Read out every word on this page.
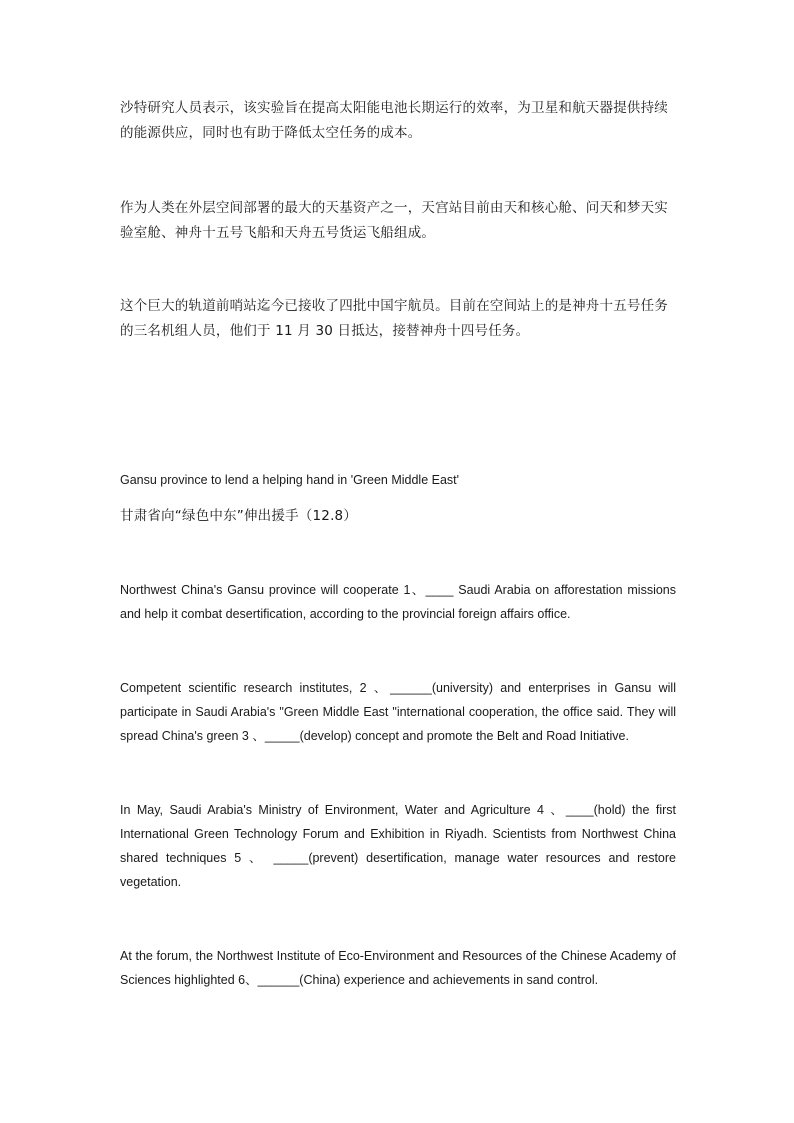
沙特研究人员表示，该实验旨在提高太阳能电池长期运行的效率，为卫星和航天器提供持续的能源供应，同时也有助于降低太空任务的成本。

作为人类在外层空间部署的最大的天基资产之一，天宫站目前由天和核心舱、问天和梦天实验室舱、神舟十五号飞船和天舟五号货运飞船组成。

这个巨大的轨道前哨站迄今已接收了四批中国宇航员。目前在空间站上的是神舟十五号任务的三名机组人员，他们于 11 月 30 日抵达，接替神舟十四号任务。

Gansu province to lend a helping hand in 'Green Middle East'

甘肃省向“绿色中东”伸出援手（12.8）

Northwest China's Gansu province will cooperate 1、____ Saudi Arabia on afforestation missions and help it combat desertification, according to the provincial foreign affairs office.

Competent scientific research institutes, 2 、______(university) and enterprises in Gansu will participate in Saudi Arabia's "Green Middle East "international cooperation, the office said. They will spread China's green 3 、_____(develop) concept and promote the Belt and Road Initiative.

In May, Saudi Arabia's Ministry of Environment, Water and Agriculture 4 、____(hold) the first International Green Technology Forum and Exhibition in Riyadh. Scientists from Northwest China shared techniques 5 、 _____(prevent) desertification, manage water resources and restore vegetation.

At the forum, the Northwest Institute of Eco-Environment and Resources of the Chinese Academy of Sciences highlighted 6、______(China) experience and achievements in sand control.
